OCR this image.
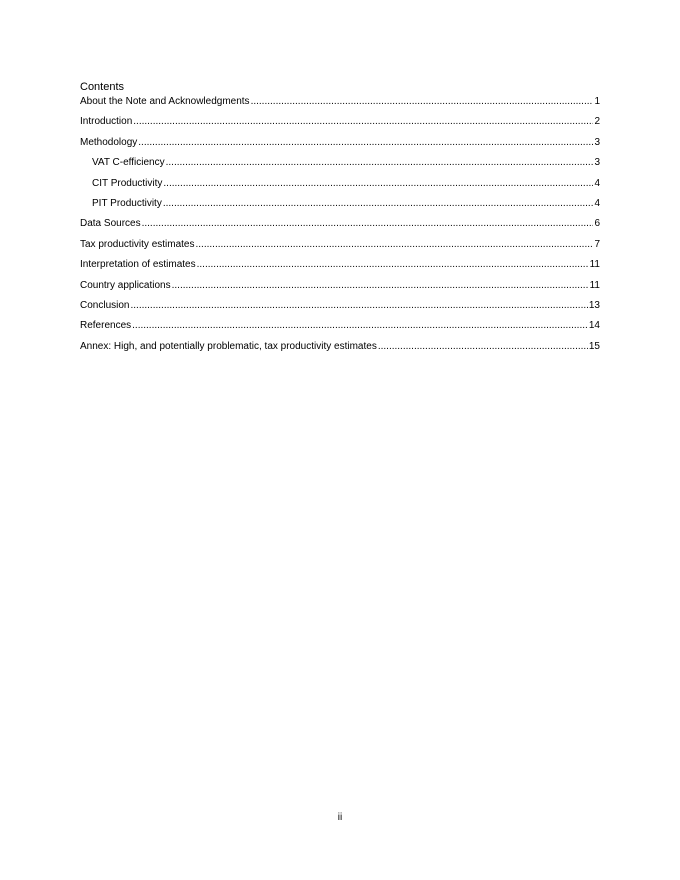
Contents
About the Note and Acknowledgments .....	1
Introduction .....	2
Methodology .....	3
VAT C-efficiency .....	3
CIT Productivity .....	4
PIT Productivity .....	4
Data Sources .....	6
Tax productivity estimates .....	7
Interpretation of estimates .....	11
Country applications .....	11
Conclusion .....	13
References .....	14
Annex: High, and potentially problematic, tax productivity estimates .....	15
ii
